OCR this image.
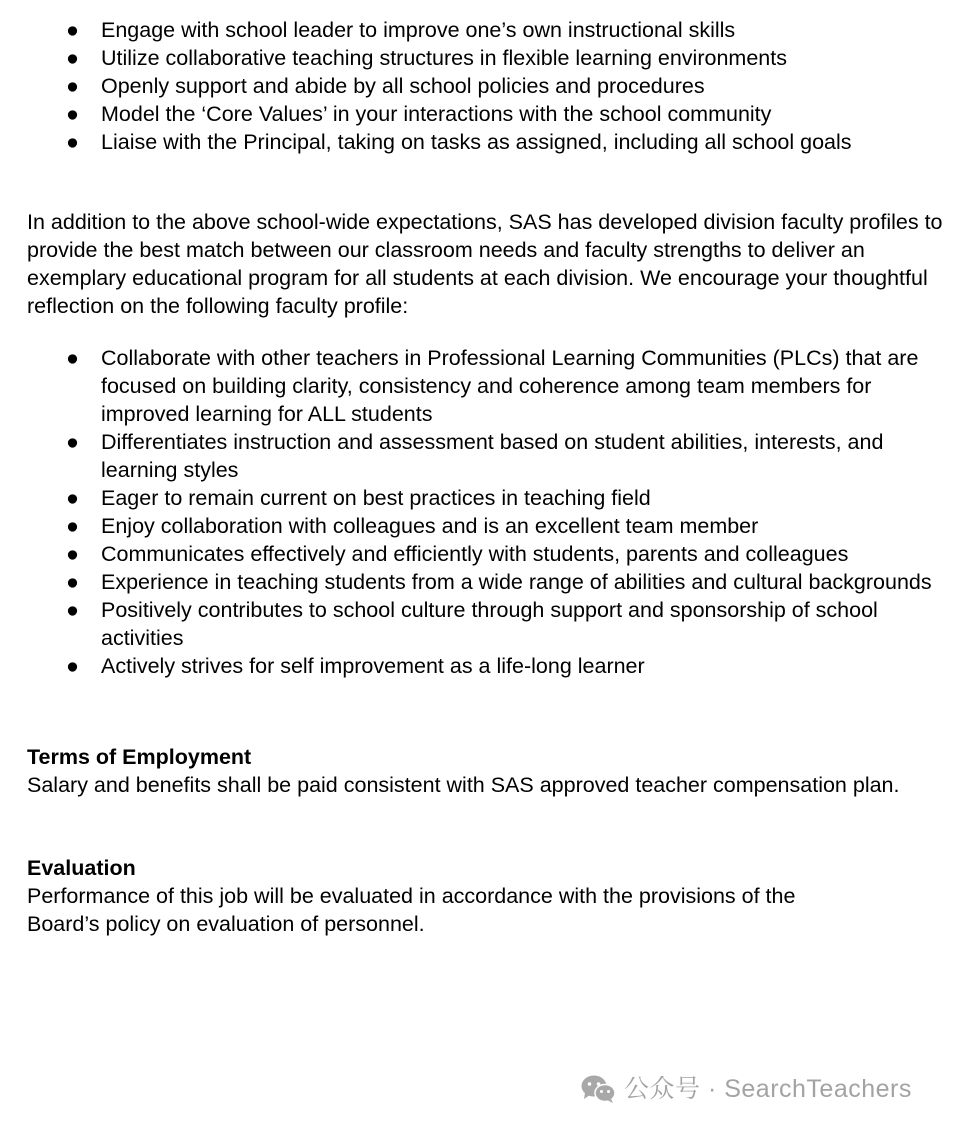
● Engage with school leader to improve one’s own instructional skills
● Utilize collaborative teaching structures in flexible learning environments
● Openly support and abide by all school policies and procedures
● Model the ‘Core Values’ in your interactions with the school community
● Liaise with the Principal, taking on tasks as assigned, including all school goals

In addition to the above school-wide expectations, SAS has developed division faculty profiles to provide the best match between our classroom needs and faculty strengths to deliver an exemplary educational program for all students at each division. We encourage your thoughtful reflection on the following faculty profile:

● Collaborate with other teachers in Professional Learning Communities (PLCs) that are focused on building clarity, consistency and coherence among team members for improved learning for ALL students
● Differentiates instruction and assessment based on student abilities, interests, and learning styles
● Eager to remain current on best practices in teaching field
● Enjoy collaboration with colleagues and is an excellent team member
● Communicates effectively and efficiently with students, parents and colleagues
● Experience in teaching students from a wide range of abilities and cultural backgrounds
● Positively contributes to school culture through support and sponsorship of school activities
● Actively strives for self improvement as a life-long learner
Terms of Employment
Salary and benefits shall be paid consistent with SAS approved teacher compensation plan.
Evaluation
Performance of this job will be evaluated in accordance with the provisions of the Board’s policy on evaluation of personnel.
公众号 · SearchTeachers
